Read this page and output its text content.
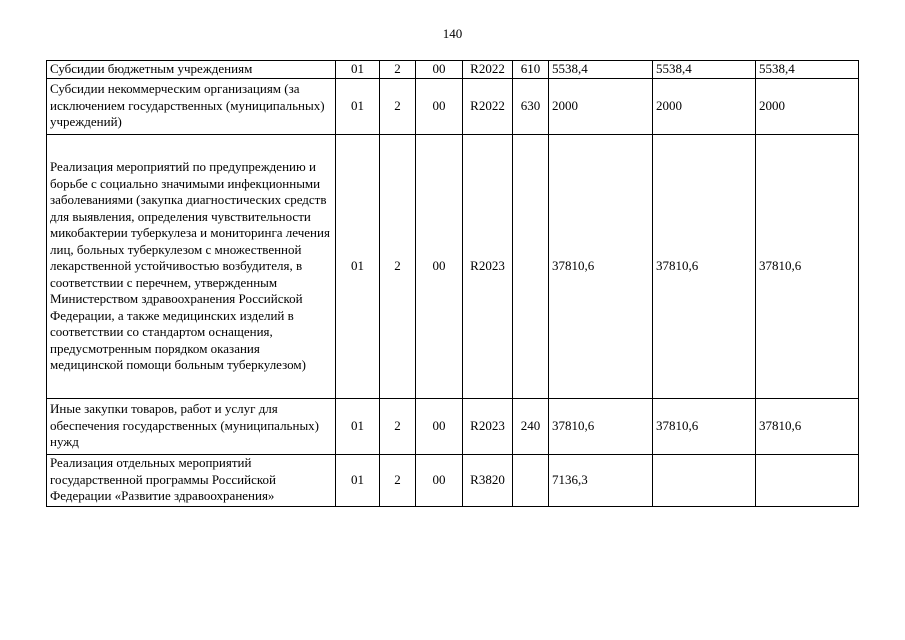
140
Субсидии бюджетным учреждениям	01	2	00	R2022	610	5538,4	5538,4	5538,4
Субсидии некоммерческим организациям (за исключением государственных (муниципальных) учреждений)	01	2	00	R2022	630	2000	2000	2000
Реализация мероприятий по предупреждению и борьбе с социально значимыми инфекционными заболеваниями (закупка диагностических средств для выявления, определения чувствительности микобактерии туберкулеза и мониторинга лечения лиц, больных туберкулезом с множественной лекарственной устойчивостью возбудителя, в соответствии с перечнем, утвержденным Министерством здравоохранения Российской Федерации, а также медицинских изделий в соответствии со стандартом оснащения, предусмотренным порядком оказания медицинской помощи больным туберкулезом)	01	2	00	R2023		37810,6	37810,6	37810,6
Иные закупки товаров, работ и услуг для обеспечения государственных (муниципальных) нужд	01	2	00	R2023	240	37810,6	37810,6	37810,6
Реализация отдельных мероприятий государственной программы Российской Федерации «Развитие здравоохранения»	01	2	00	R3820		7136,3		
